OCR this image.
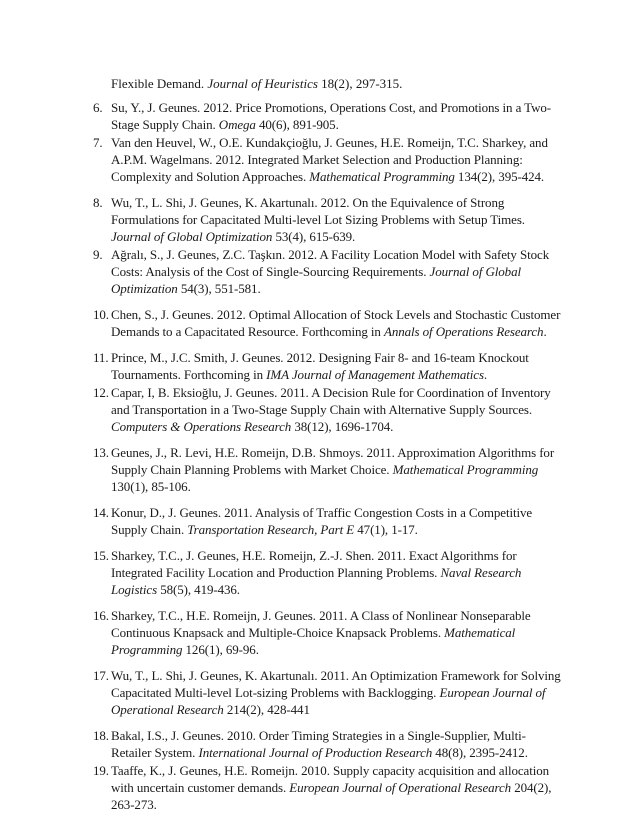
Flexible Demand. Journal of Heuristics 18(2), 297-315.
6. Su, Y., J. Geunes. 2012. Price Promotions, Operations Cost, and Promotions in a Two-Stage Supply Chain. Omega 40(6), 891-905.
7. Van den Heuvel, W., O.E. Kundakçioğlu, J. Geunes, H.E. Romeijn, T.C. Sharkey, and A.P.M. Wagelmans. 2012. Integrated Market Selection and Production Planning: Complexity and Solution Approaches. Mathematical Programming 134(2), 395-424.
8. Wu, T., L. Shi, J. Geunes, K. Akartunalı. 2012. On the Equivalence of Strong Formulations for Capacitated Multi-level Lot Sizing Problems with Setup Times. Journal of Global Optimization 53(4), 615-639.
9. Ağralı, S., J. Geunes, Z.C. Taşkın. 2012. A Facility Location Model with Safety Stock Costs: Analysis of the Cost of Single-Sourcing Requirements. Journal of Global Optimization 54(3), 551-581.
10. Chen, S., J. Geunes. 2012. Optimal Allocation of Stock Levels and Stochastic Customer Demands to a Capacitated Resource. Forthcoming in Annals of Operations Research.
11. Prince, M., J.C. Smith, J. Geunes. 2012. Designing Fair 8- and 16-team Knockout Tournaments. Forthcoming in IMA Journal of Management Mathematics.
12. Capar, I, B. Eksioğlu, J. Geunes. 2011. A Decision Rule for Coordination of Inventory and Transportation in a Two-Stage Supply Chain with Alternative Supply Sources. Computers & Operations Research 38(12), 1696-1704.
13. Geunes, J., R. Levi, H.E. Romeijn, D.B. Shmoys. 2011. Approximation Algorithms for Supply Chain Planning Problems with Market Choice. Mathematical Programming 130(1), 85-106.
14. Konur, D., J. Geunes. 2011. Analysis of Traffic Congestion Costs in a Competitive Supply Chain. Transportation Research, Part E 47(1), 1-17.
15. Sharkey, T.C., J. Geunes, H.E. Romeijn, Z.-J. Shen. 2011. Exact Algorithms for Integrated Facility Location and Production Planning Problems. Naval Research Logistics 58(5), 419-436.
16. Sharkey, T.C., H.E. Romeijn, J. Geunes. 2011. A Class of Nonlinear Nonseparable Continuous Knapsack and Multiple-Choice Knapsack Problems. Mathematical Programming 126(1), 69-96.
17. Wu, T., L. Shi, J. Geunes, K. Akartunalı. 2011. An Optimization Framework for Solving Capacitated Multi-level Lot-sizing Problems with Backlogging. European Journal of Operational Research 214(2), 428-441
18. Bakal, I.S., J. Geunes. 2010. Order Timing Strategies in a Single-Supplier, Multi-Retailer System. International Journal of Production Research 48(8), 2395-2412.
19. Taaffe, K., J. Geunes, H.E. Romeijn. 2010. Supply capacity acquisition and allocation with uncertain customer demands. European Journal of Operational Research 204(2), 263-273.
